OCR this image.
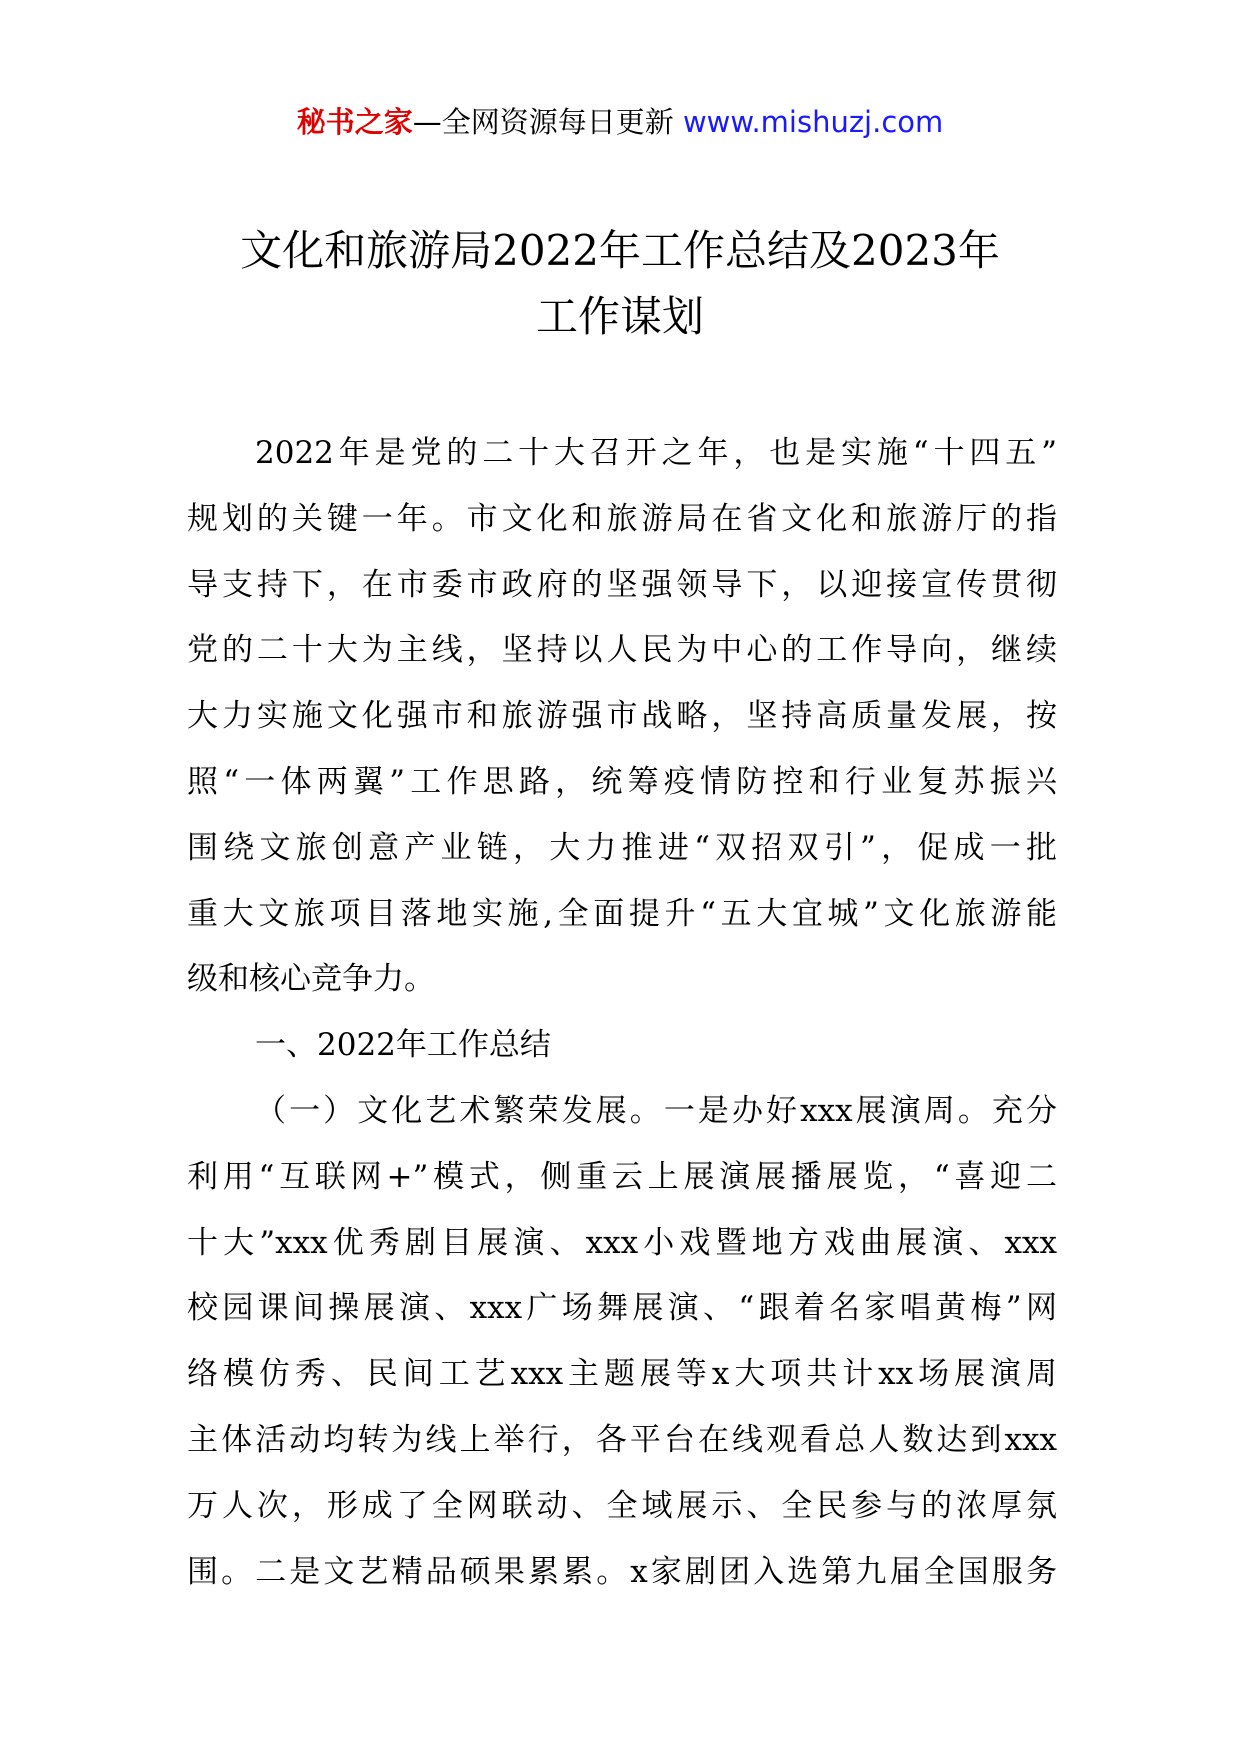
秘书之家—全网资源每日更新 www.mishuzj.com
文化和旅游局2022年工作总结及2023年
工作谋划
2022年是党的二十大召开之年，也是实施“十四五”
规划的关键一年。市文化和旅游局在省文化和旅游厅的指
导支持下，在市委市政府的坚强领导下，以迎接宣传贯彻
党的二十大为主线，坚持以人民为中心的工作导向，继续
大力实施文化强市和旅游强市战略，坚持高质量发展，按
照“一体两翼”工作思路，统筹疫情防控和行业复苏振兴
围绕文旅创意产业链，大力推进“双招双引”，促成一批
重大文旅项目落地实施,全面提升“五大宜城”文化旅游能
级和核心竞争力。
一、2022年工作总结
（一）文化艺术繁荣发展。一是办好xxx展演周。充分
利用“互联网+”模式，侧重云上展演展播展览，“喜迎二
十大”xxx优秀剧目展演、xxx小戏暨地方戏曲展演、xxx
校园课间操展演、xxx广场舞展演、“跟着名家唱黄梅”网
络模仿秀、民间工艺xxx主题展等x大项共计xx场展演周
主体活动均转为线上举行，各平台在线观看总人数达到xxx
万人次，形成了全网联动、全域展示、全民参与的浓厚氛
围。二是文艺精品硕果累累。x家剧团入选第九届全国服务
